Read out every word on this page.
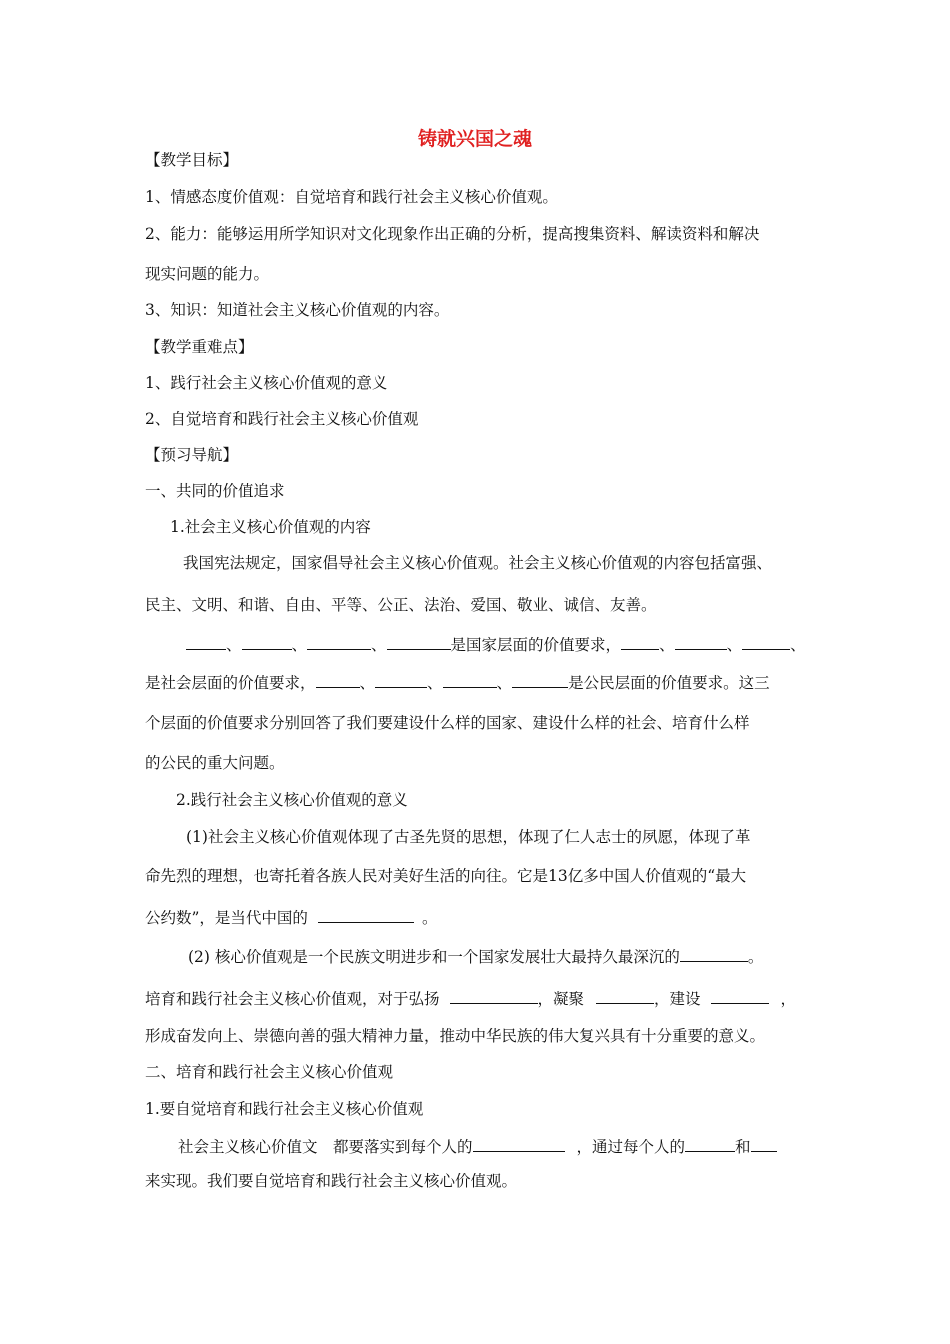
铸就兴国之魂
【教学目标】
1、情感态度价值观：自觉培育和践行社会主义核心价值观。
2、能力：能够运用所学知识对文化现象作出正确的分析，提高搜集资料、解读资料和解决
现实问题的能力。
3、知识：知道社会主义核心价值观的内容。
【教学重难点】
1、践行社会主义核心价值观的意义
2、自觉培育和践行社会主义核心价值观
【预习导航】
一、共同的价值追求
1.社会主义核心价值观的内容
我国宪法规定，国家倡导社会主义核心价值观。社会主义核心价值观的内容包括富强、
民主、文明、和谐、自由、平等、公正、法治、爱国、敬业、诚信、友善。
、	、	、	是国家层面的价值要求， 、	、	、
是社会层面的价值要求，	、	、	、	是公民层面的价值要求。这三
个层面的价值要求分别回答了我们要建设什么样的国家、建设什么样的社会、培育什么样
的公民的重大问题。
2.践行社会主义核心价值观的意义
(1)社会主义核心价值观体现了古圣先贤的思想，体现了仁人志士的夙愿，体现了革
命先烈的理想，也寄托着各族人民对美好生活的向往。它是13亿多中国人价值观的“最大
公约数”，是当代中国的	。
(2) 核心价值观是一个民族文明进步和一个国家发展壮大最持久最深沉的	。
培育和践行社会主义核心价值观，对于弘扬	，凝聚	，建设	，
形成奋发向上、崇德向善的强大精神力量，推动中华民族的伟大复兴具有十分重要的意义。
二、培育和践行社会主义核心价值观
1.要自觉培育和践行社会主义核心价值观
社会主义核心价值文　都要落实到每个人的	，通过每个人的	和
来实现。我们要自觉培育和践行社会主义核心价值观。
